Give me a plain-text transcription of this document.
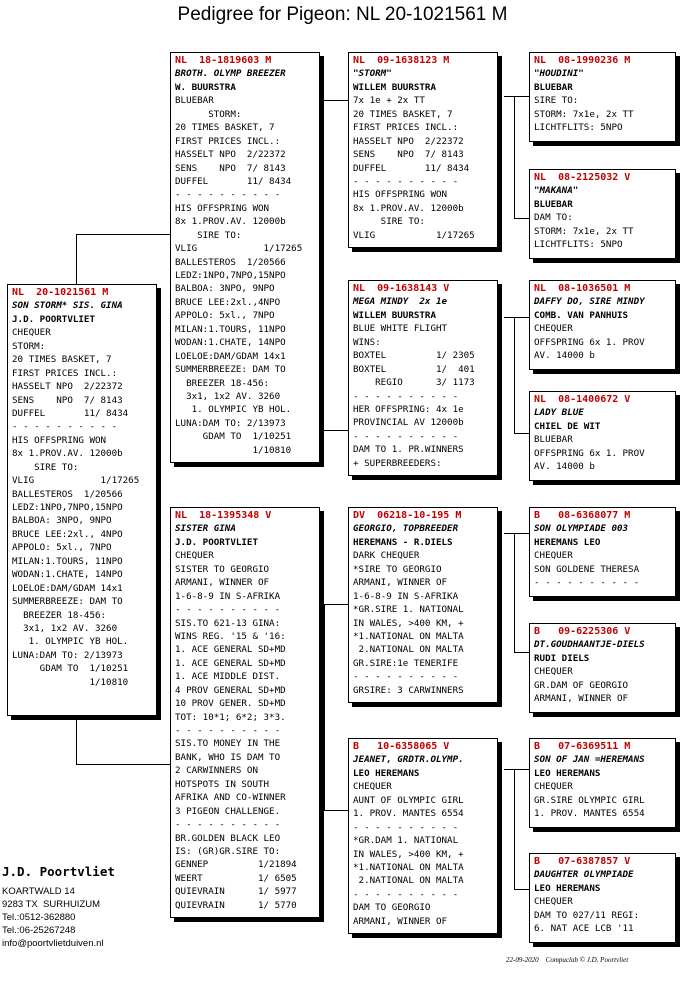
Pedigree for Pigeon: NL 20-1021561 M
NL  20-1021561 M
SON STORM* SIS. GINA
J.D. POORTVLIET
CHEQUER
STORM:
20 TIMES BASKET, 7
FIRST PRICES INCL.:
HASSELT NPO  2/22372
SENS    NPO  7/ 8143
DUFFEL       11/ 8434
- - - - - - - - - -
HIS OFFSPRING WON
8x 1.PROV.AV. 12000b
SIRE TO:
VLIG            1/17265
BALLESTEROS  1/20566
LEDZ:1NPO,7NPO,15NPO
BALBOA: 3NPO, 9NPO
BRUCE LEE:2xl., 4NPO
APPOLO: 5xl., 7NPO
MILAN:1.TOURS, 11NPO
WODAN:1.CHATE, 14NPO
LOELOE:DAM/GDAM 14x1
SUMMERBREEZE: DAM TO
BREEZER 18-456:
3x1, 1x2 AV. 3260
1. OLYMPIC YB HOL.
LUNA:DAM TO: 2/13973
GDAM TO  1/10251
1/10810
NL  18-1819603 M
BROTH. OLYMP BREEZER
W. BUURSTRA
BLUEBAR
STORM:
20 TIMES BASKET, 7
FIRST PRICES INCL.:
HASSELT NPO  2/22372
SENS    NPO  7/ 8143
DUFFEL       11/ 8434
- - - - - - - - - -
HIS OFFSPRING WON
8x 1.PROV.AV. 12000b
SIRE TO:
VLIG            1/17265
BALLESTEROS  1/20566
LEDZ:1NPO,7NPO,15NPO
BALBOA: 3NPO, 9NPO
BRUCE LEE:2xl.,4NPO
APPOLO: 5xl., 7NPO
MILAN:1.TOURS, 11NPO
WODAN:1.CHATE, 14NPO
LOELOE:DAM/GDAM 14x1
SUMMERBREEZE: DAM TO
BREEZER 18-456:
3x1, 1x2 AV. 3260
1. OLYMPIC YB HOL.
LUNA:DAM TO: 2/13973
GDAM TO  1/10251
1/10810
NL  18-1395348 V
SISTER GINA
J.D. POORTVLIET
CHEQUER
SISTER TO GEORGIO
ARMANI, WINNER OF
1-6-8-9 IN S-AFRIKA
- - - - - - - - - -
SIS.TO 621-13 GINA:
WINS REG. '15 & '16:
1. ACE GENERAL SD+MD
1. ACE GENERAL SD+MD
1. ACE MIDDLE DIST.
4 PROV GENERAL SD+MD
10 PROV GENER. SD+MD
TOT: 10*1; 6*2; 3*3.
- - - - - - - - - -
SIS.TO MONEY IN THE
BANK, WHO IS DAM TO
2 CARWINNERS ON
HOTSPOTS IN SOUTH
AFRIKA AND CO-WINNER
3 PIGEON CHALLENGE.
- - - - - - - - - -
BR.GOLDEN BLACK LEO
IS: (GR)GR.SIRE TO:
GENNEP         1/21894
WEERT          1/ 6505
QUIEVRAIN      1/ 5977
QUIEVRAIN      1/ 5770
NL  09-1638123 M
"STORM"
WILLEM BUURSTRA
7x 1e + 2x TT
20 TIMES BASKET, 7
FIRST PRICES INCL.:
HASSELT NPO  2/22372
SENS    NPO  7/ 8143
DUFFEL       11/ 8434
- - - - - - - - - -
HIS OFFSPRING WON
8x 1.PROV.AV. 12000b
SIRE TO:
VLIG           1/17265
NL  09-1638143 V
MEGA MINDY  2x 1e
WILLEM BUURSTRA
BLUE WHITE FLIGHT
WINS:
BOXTEL         1/ 2305
BOXTEL         1/  401
REGIO      3/ 1173
- - - - - - - - - -
HER OFFSPRING: 4x 1e
PROVINCIAL AV 12000b
- - - - - - - - - -
DAM TO 1. PR.WINNERS
+ SUPERBREEDERS:
DV  06218-10-195 M
GEORGIO, TOPBREEDER
HEREMANS - R.DIELS
DARK CHEQUER
*SIRE TO GEORGIO
ARMANI, WINNER OF
1-6-8-9 IN S-AFRIKA
*GR.SIRE 1. NATIONAL
IN WALES, >400 KM, +
*1.NATIONAL ON MALTA
2.NATIONAL ON MALTA
GR.SIRE:1e TENERIFE
- - - - - - - - - -
GRSIRE: 3 CARWINNERS
B   10-6358065 V
JEANET, GRDTR.OLYMP.
LEO HEREMANS
CHEQUER
AUNT OF OLYMPIC GIRL
1. PROV. MANTES 6554
- - - - - - - - - -
*GR.DAM 1. NATIONAL
IN WALES, >400 KM, +
*1.NATIONAL ON MALTA
2.NATIONAL ON MALTA
- - - - - - - - - -
DAM TO GEORGIO
ARMANI, WINNER OF
NL  08-1990236 M
"HOUDINI"
BLUEBAR
SIRE TO:
STORM: 7x1e, 2x TT
LICHTFLITS: 5NPO
NL  08-2125032 V
"MAKANA"
BLUEBAR
DAM TO:
STORM: 7x1e, 2x TT
LICHTFLITS: 5NPO
NL  08-1036501 M
DAFFY DO, SIRE MINDY
COMB. VAN PANHUIS
CHEQUER
OFFSPRING 6x 1. PROV
AV. 14000 b
NL  08-1400672 V
LADY BLUE
CHIEL DE WIT
BLUEBAR
OFFSPRING 6x 1. PROV
AV. 14000 b
B   08-6368077 M
SON OLYMPIADE 003
HEREMANS LEO
CHEQUER
SON GOLDENE THERESA
- - - - - - - - - -
B   09-6225306 V
DT.GOUDHAANTJE-DIELS
RUDI DIELS
CHEQUER
GR.DAM OF GEORGIO
ARMANI, WINNER OF
B   07-6369511 M
SON OF JAN =HEREMANS
LEO HEREMANS
CHEQUER
GR.SIRE OLYMPIC GIRL
1. PROV. MANTES 6554
B   07-6387857 V
DAUGHTER OLYMPIADE
LEO HEREMANS
CHEQUER
DAM TO 027/11 REGI:
6. NAT ACE LCB '11
J.D. Poortvliet
KOARTWALD 14
9283 TX  SURHUIZUM
Tel.:0512-362880
Tel.:06-25267248
info@poortvlietduiven.nl
22-09-2020    Compuclub © J.D. Poortvliet
